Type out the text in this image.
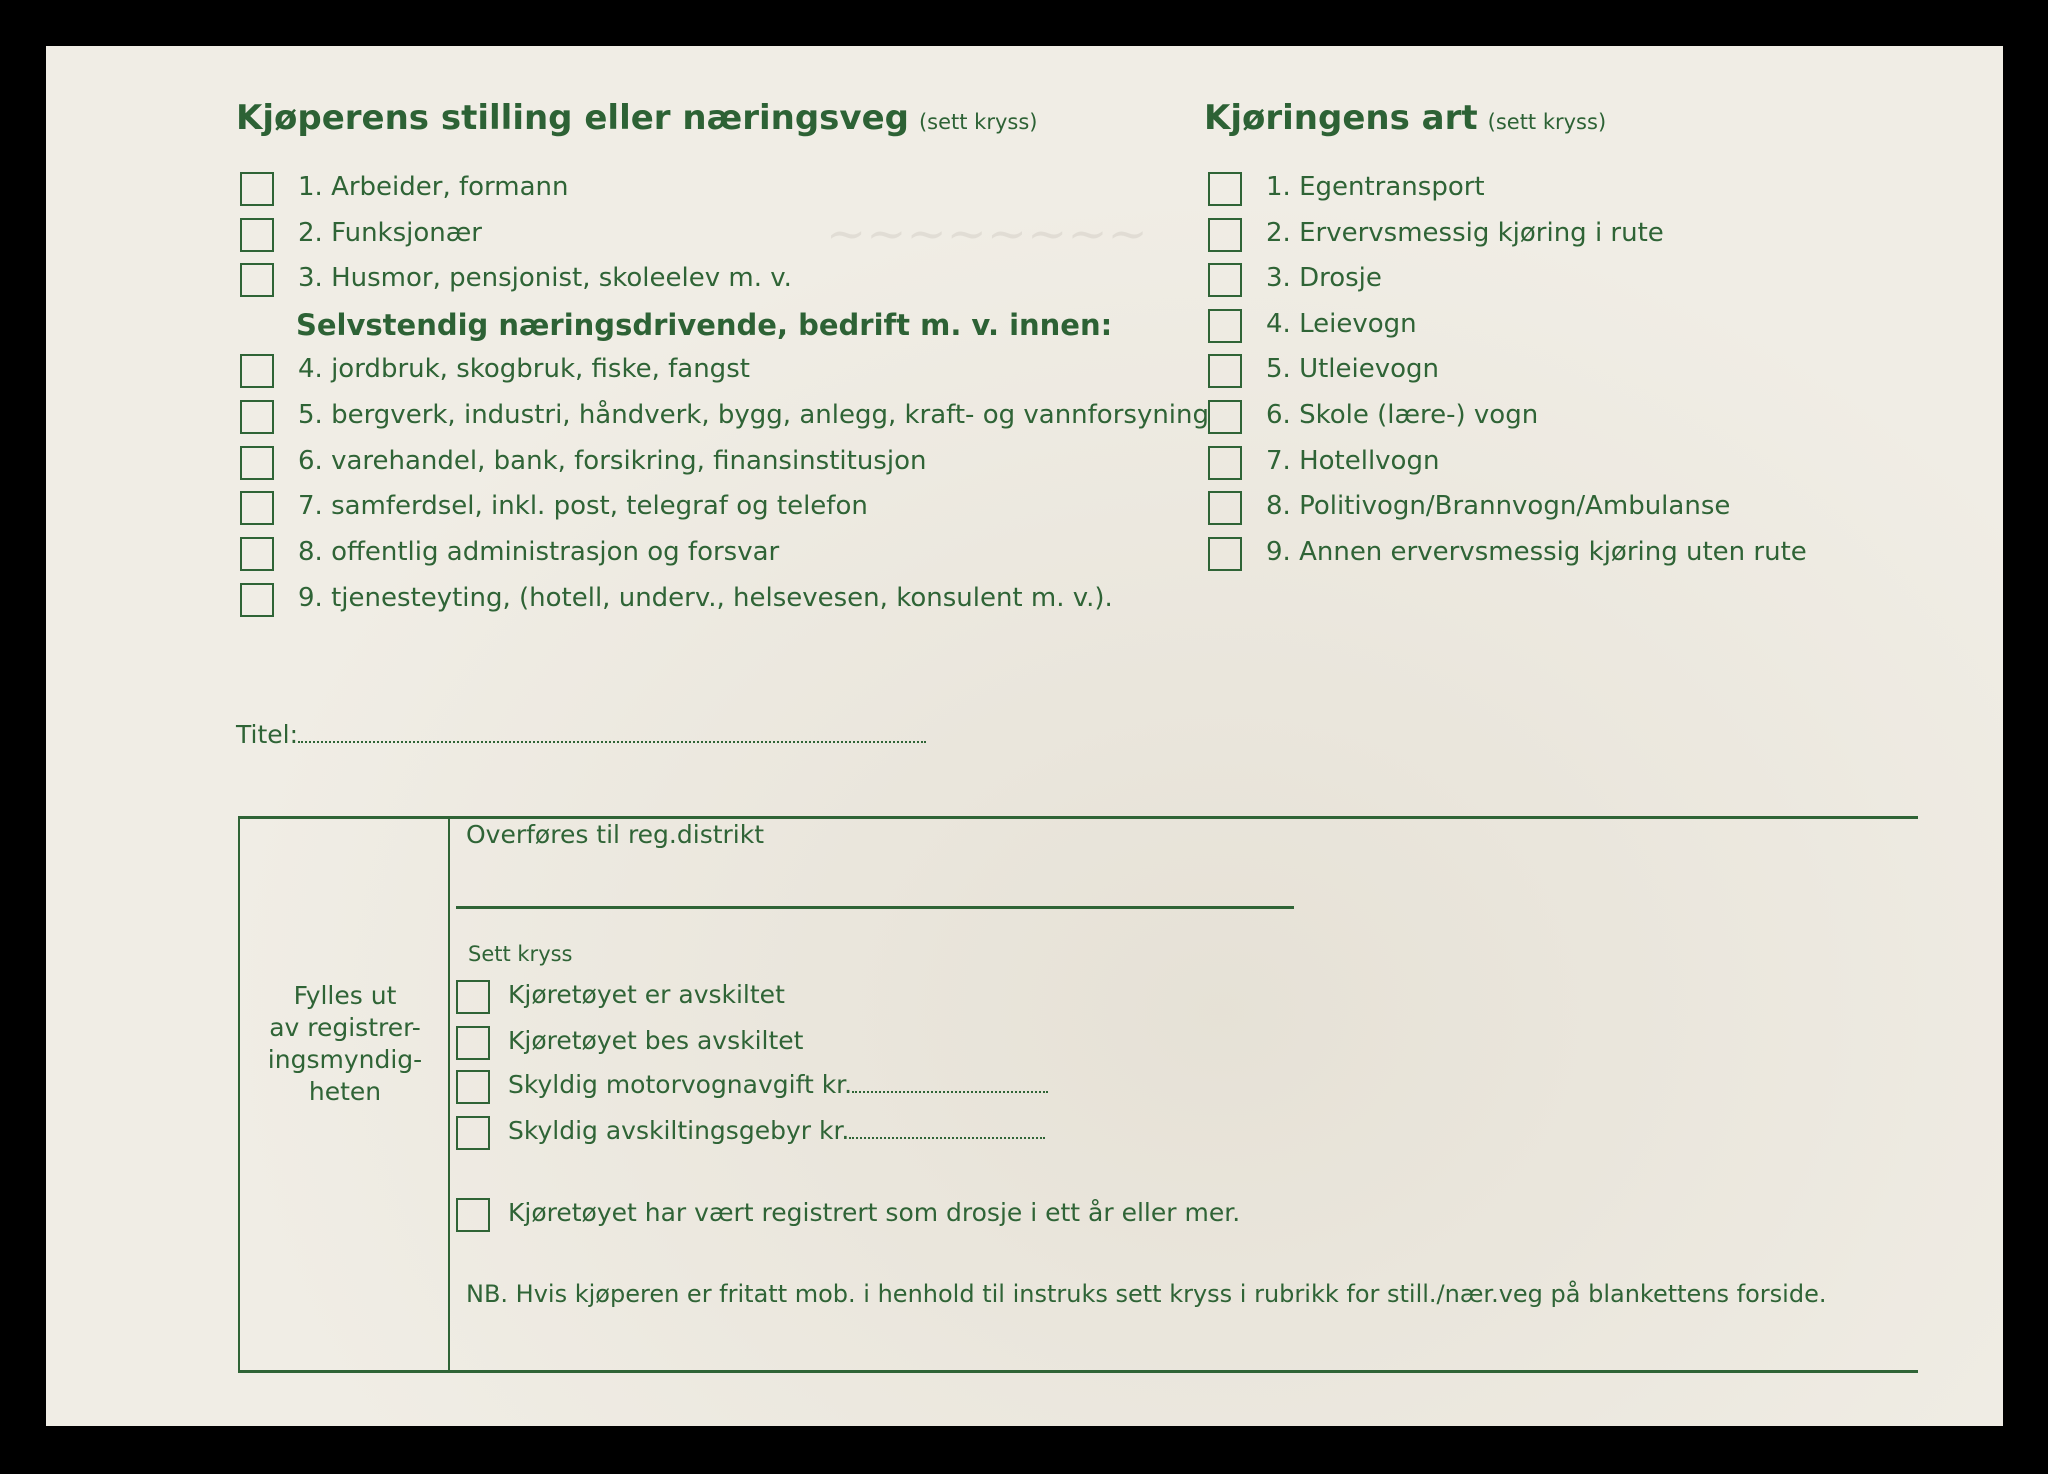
~~~~~~~~
Kjøperens stilling eller næringsveg (sett kryss)
1. Arbeider, formann
2. Funksjonær
3. Husmor, pensjonist, skoleelev m. v.
Selvstendig næringsdrivende, bedrift m. v. innen:
4. jordbruk, skogbruk, fiske, fangst
5. bergverk, industri, håndverk, bygg, anlegg, kraft- og vannforsyning
6. varehandel, bank, forsikring, finansinstitusjon
7. samferdsel, inkl. post, telegraf og telefon
8. offentlig administrasjon og forsvar
9. tjenesteyting, (hotell, underv., helsevesen, konsulent m. v.).
Kjøringens art (sett kryss)
1. Egentransport
2. Ervervsmessig kjøring i rute
3. Drosje
4. Leievogn
5. Utleievogn
6. Skole (lære-) vogn
7. Hotellvogn
8. Politivogn/Brannvogn/Ambulanse
9. Annen ervervsmessig kjøring uten rute
Titel:
Fylles ut
av registrer-
ingsmyndig-
heten
Overføres til reg.distrikt
Sett kryss
Kjøretøyet er avskiltet
Kjøretøyet bes avskiltet
Skyldig motorvognavgift kr.
Skyldig avskiltingsgebyr kr.
Kjøretøyet har vært registrert som drosje i ett år eller mer.
NB. Hvis kjøperen er fritatt mob. i henhold til instruks sett kryss i rubrikk for still./nær.veg på blankettens forside.
